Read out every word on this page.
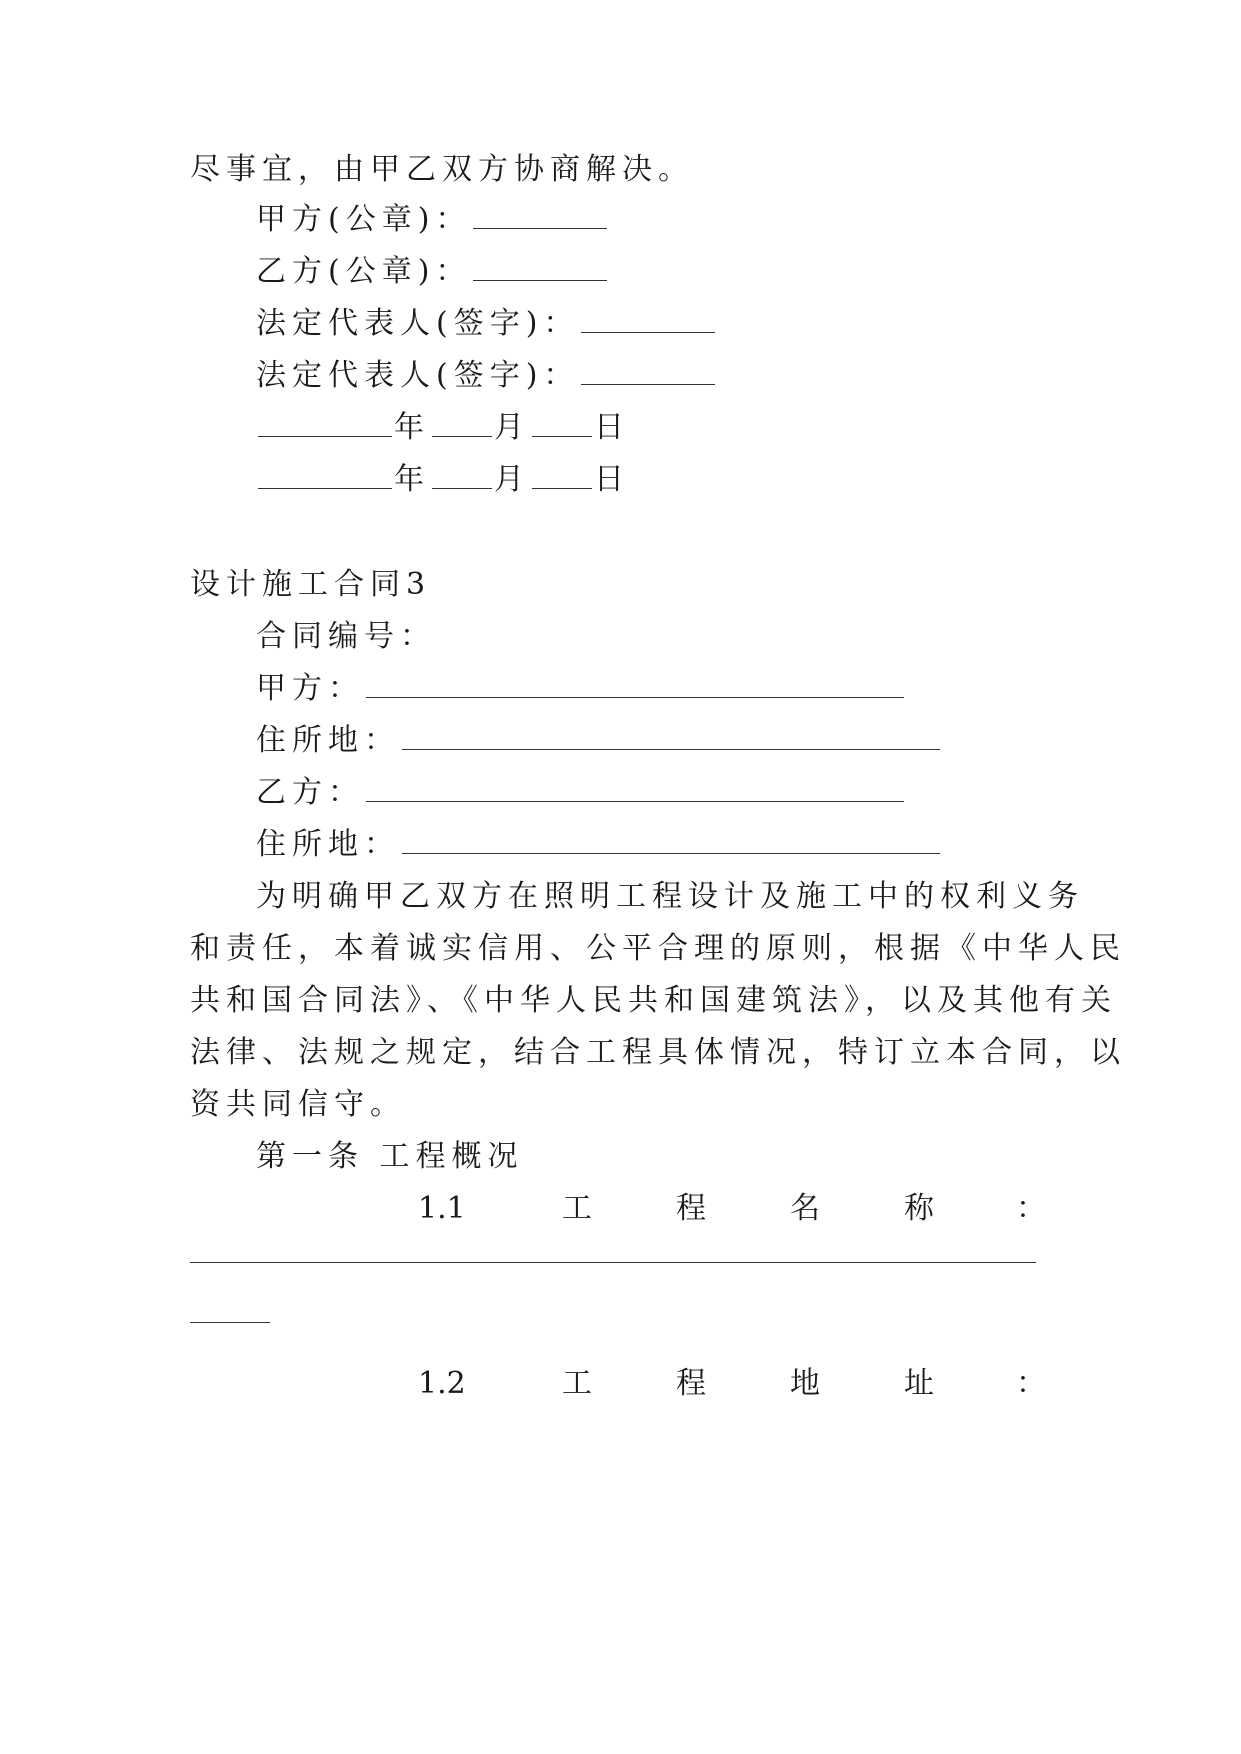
尽事宜，由甲乙双方协商解决。
甲方(公章)：
乙方(公章)：
法定代表人(签字)：
法定代表人(签字)：
年 月 日
年 月 日
设计施工合同3
合同编号：
甲方：
住所地：
乙方：
住所地：
为明确甲乙双方在照明工程设计及施工中的权利义务
和责任，本着诚实信用、公平合理的原则，根据《中华人民
共和国合同法》、《中华人民共和国建筑法》，以及其他有关
法律、法规之规定，结合工程具体情况，特订立本合同，以
资共同信守。
第一条 工程概况
1.1	工	程	名	称	：
1.2	工	程	地	址	：
